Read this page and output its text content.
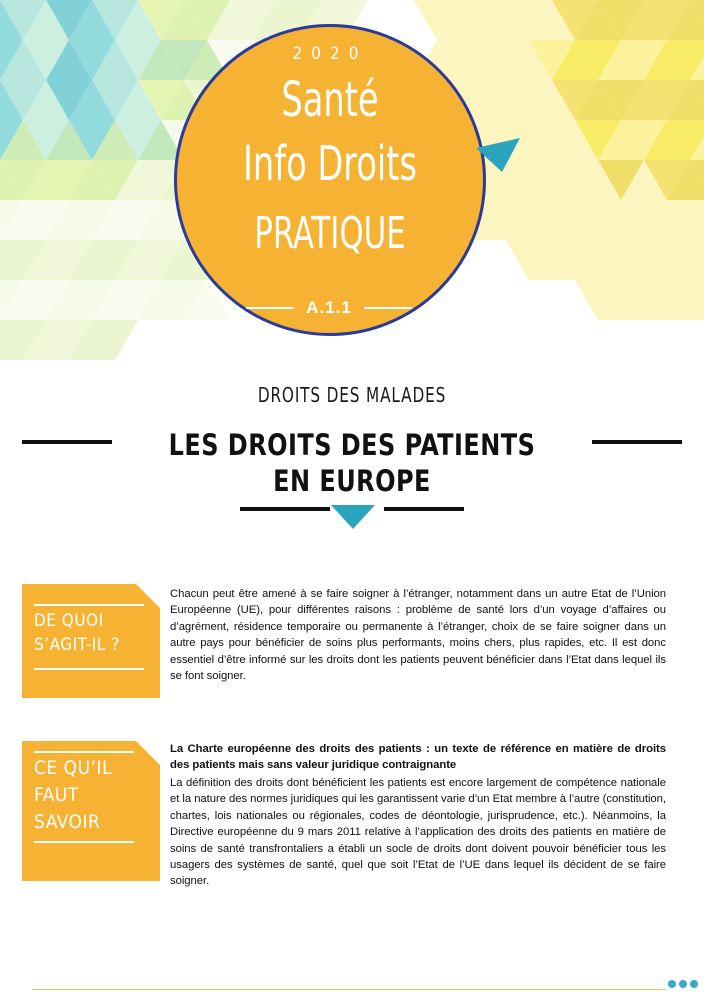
2020
Santé
Info Droits
PRATIQUE
A.1.1
DROITS DES MALADES
LES DROITS DES PATIENTS
EN EUROPE
DE QUOI
S’AGIT-IL ?
Chacun peut être amené à se faire soigner à l’étranger, notamment dans un autre Etat de l’Union Européenne (UE), pour différentes raisons : problème de santé lors d’un voyage d’affaires ou d’agrément, résidence temporaire ou permanente à l’étranger, choix de se faire soigner dans un autre pays pour bénéficier de soins plus performants, moins chers, plus rapides, etc. Il est donc essentiel d’être informé sur les droits dont les patients peuvent bénéficier dans l’Etat dans lequel ils se font soigner.
CE QU’IL
FAUT
SAVOIR
La Charte européenne des droits des patients : un texte de référence en matière de droits des patients mais sans valeur juridique contraignante
La définition des droits dont bénéficient les patients est encore largement de compétence nationale et la nature des normes juridiques qui les garantissent varie d’un Etat membre à l’autre (constitution, chartes, lois nationales ou régionales, codes de déontologie, jurisprudence, etc.). Néanmoins, la Directive européenne du 9 mars 2011 relative à l’application des droits des patients en matière de soins de santé transfrontaliers a établi un socle de droits dont doivent pouvoir bénéficier tous les usagers des systèmes de santé, quel que soit l’Etat de l’UE dans lequel ils décident de se faire soigner.
